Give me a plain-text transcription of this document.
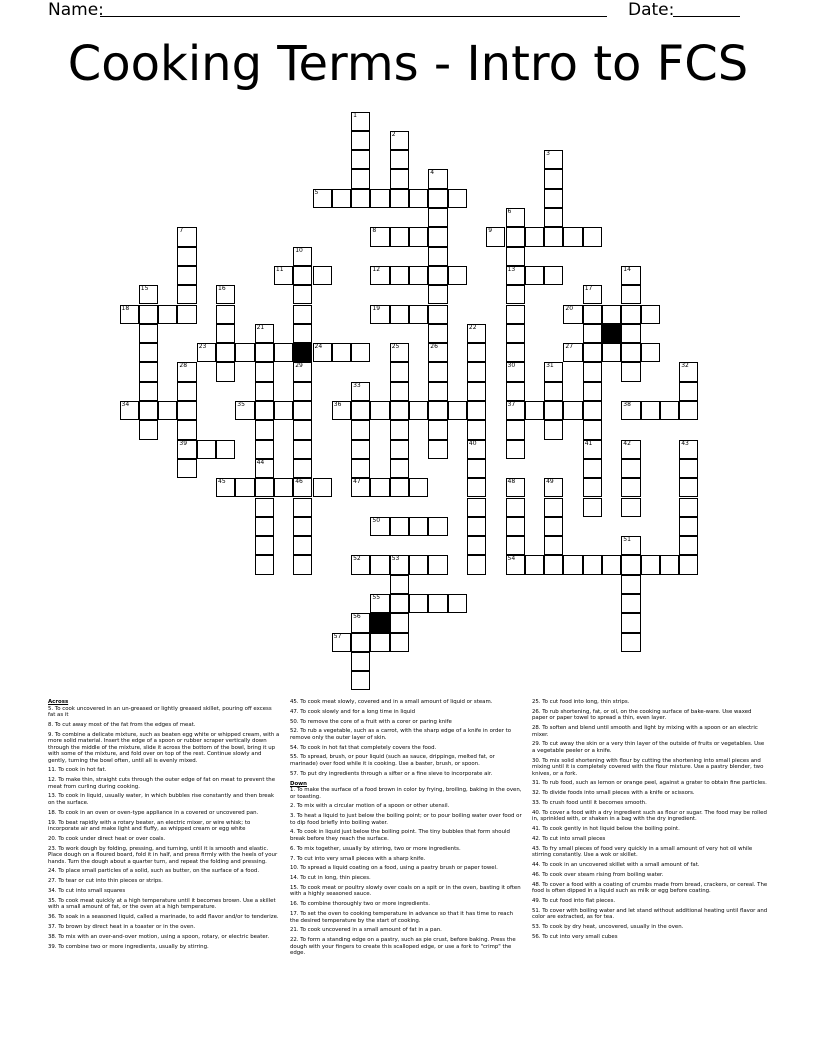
Name:	Date:
Cooking Terms - Intro to FCS
1
2
3
4
26
5
6
7	8	9
10
11	12	13	14
15	16	17
41
18	19	20
21
44
22
40
23	24	25	27
28
39
29
46
30
37
31	32
33
34	35	36	38
42	43
45	47	48	49
50
51
52	53	54
55
56
57
Across
5. To cook uncovered in an un-greased or lightly greased skillet, pouring off excess fat as it
8. To cut away most of the fat from the edges of meat.
9. To combine a delicate mixture, such as beaten egg white or whipped cream, with a more solid material. Insert the edge of a spoon or rubber scraper vertically down through the middle of the mixture, slide it across the bottom of the bowl, bring it up with some of the mixture, and fold over on top of the rest. Continue slowly and gently, turning the bowl often, until all is evenly mixed.
11. To cook in hot fat.
12. To make thin, straight cuts through the outer edge of fat on meat to prevent the meat from curling during cooking.
13. To cook in liquid, usually water, in which bubbles rise constantly and then break on the surface.
18. To cook in an oven or oven-type appliance in a covered or uncovered pan.
19. To beat rapidly with a rotary beater, an electric mixer, or wire whisk; to incorporate air and make light and fluffy, as whipped cream or egg white
20. To cook under direct heat or over coals.
23. To work dough by folding, pressing, and turning, until it is smooth and elastic. Place dough on a floured board, fold it in half, and press firmly with the heels of your hands. Turn the dough about a quarter turn, and repeat the folding and pressing.
24. To place small particles of a solid, such as butter, on the surface of a food.
27. To tear or cut into thin pieces or strips.
34. To cut into small squares
35. To cook meat quickly at a high temperature until it becomes brown. Use a skillet with a small amount of fat, or the oven at a high temperature.
36. To soak in a seasoned liquid, called a marinade, to add flavor and/or to tenderize.
37. To brown by direct heat in a toaster or in the oven.
38. To mix with an over-and-over motion, using a spoon, rotary, or electric beater.
39. To combine two or more ingredients, usually by stirring.
45. To cook meat slowly, covered and in a small amount of liquid or steam.
47. To cook slowly and for a long time in liquid
50. To remove the core of a fruit with a corer or paring knife
52. To rub a vegetable, such as a carrot, with the sharp edge of a knife in order to remove only the outer layer of skin.
54. To cook in hot fat that completely covers the food.
55. To spread, brush, or pour liquid (such as sauce, drippings, melted fat, or marinade) over food while it is cooking. Use a baster, brush, or spoon.
57. To put dry ingredients through a sifter or a fine sieve to incorporate air.
Down
1. To make the surface of a food brown in color by frying, broiling, baking in the oven, or toasting.
2. To mix with a circular motion of a spoon or other utensil.
3. To heat a liquid to just below the boiling point; or to pour boiling water over food or to dip food briefly into boiling water.
4. To cook in liquid just below the boiling point. The tiny bubbles that form should break before they reach the surface.
6. To mix together, usually by stirring, two or more ingredients.
7. To cut into very small pieces with a sharp knife.
10. To spread a liquid coating on a food, using a pastry brush or paper towel.
14. To cut in long, thin pieces.
15. To cook meat or poultry slowly over coals on a spit or in the oven, basting it often with a highly seasoned sauce.
16. To combine thoroughly two or more ingredients.
17. To set the oven to cooking temperature in advance so that it has time to reach the desired temperature by the start of cooking.
21. To cook uncovered in a small amount of fat in a pan.
22. To form a standing edge on a pastry, such as pie crust, before baking. Press the dough with your fingers to create this scalloped edge, or use a fork to "crimp" the edge.
25. To cut food into long, thin strips.
26. To rub shortening, fat, or oil, on the cooking surface of bake-ware. Use waxed paper or paper towel to spread a thin, even layer.
28. To soften and blend until smooth and light by mixing with a spoon or an electric mixer.
29. To cut away the skin or a very thin layer of the outside of fruits or vegetables. Use a vegetable peeler or a knife.
30. To mix solid shortening with flour by cutting the shortening into small pieces and mixing until it is completely covered with the flour mixture. Use a pastry blender, two knives, or a fork.
31. To rub food, such as lemon or orange peel, against a grater to obtain fine particles.
32. To divide foods into small pieces with a knife or scissors.
33. To crush food until it becomes smooth.
40. To cover a food with a dry ingredient such as flour or sugar. The food may be rolled in, sprinkled with, or shaken in a bag with the dry ingredient.
41. To cook gently in hot liquid below the boiling point.
42. To cut into small pieces
43. To fry small pieces of food very quickly in a small amount of very hot oil while stirring constantly. Use a wok or skillet.
44. To cook in an uncovered skillet with a small amount of fat.
46. To cook over steam rising from boiling water.
48. To cover a food with a coating of crumbs made from bread, crackers, or cereal. The food is often dipped in a liquid such as milk or egg before coating.
49. To cut food into flat pieces.
51. To cover with boiling water and let stand without additional heating until flavor and color are extracted, as for tea.
53. To cook by dry heat, uncovered, usually in the oven.
56. To cut into very small cubes
